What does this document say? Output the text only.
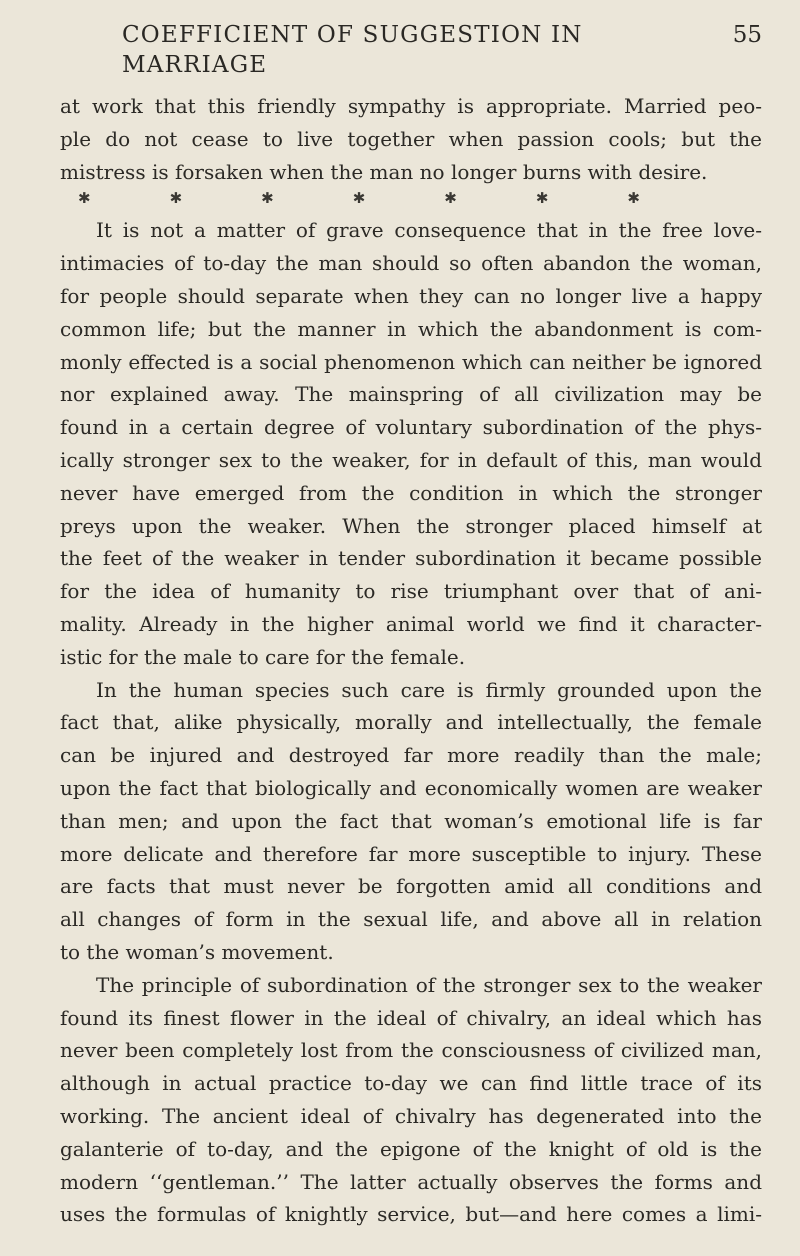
COEFFICIENT OF SUGGESTION IN MARRIAGE
55
at work that this friendly sympathy is appropriate. Married peo-
ple do not cease to live together when passion cools; but the
mistress is forsaken when the man no longer burns with desire.
✱	✱	✱	✱	✱	✱	✱
It is not a matter of grave consequence that in the free love-
intimacies of to-day the man should so often abandon the woman,
for people should separate when they can no longer live a happy
common life; but the manner in which the abandonment is com-
monly effected is a social phenomenon which can neither be ignored
nor explained away. The mainspring of all civilization may be
found in a certain degree of voluntary subordination of the phys-
ically stronger sex to the weaker, for in default of this, man would
never have emerged from the condition in which the stronger
preys upon the weaker. When the stronger placed himself at
the feet of the weaker in tender subordination it became possible
for the idea of humanity to rise triumphant over that of ani-
mality. Already in the higher animal world we find it character-
istic for the male to care for the female.
In the human species such care is firmly grounded upon the
fact that, alike physically, morally and intellectually, the female
can be injured and destroyed far more readily than the male;
upon the fact that biologically and economically women are weaker
than men; and upon the fact that woman’s emotional life is far
more delicate and therefore far more susceptible to injury. These
are facts that must never be forgotten amid all conditions and
all changes of form in the sexual life, and above all in relation
to the woman’s movement.
The principle of subordination of the stronger sex to the weaker
found its finest flower in the ideal of chivalry, an ideal which has
never been completely lost from the consciousness of civilized man,
although in actual practice to-day we can find little trace of its
working. The ancient ideal of chivalry has degenerated into the
galanterie of to-day, and the epigone of the knight of old is the
modern ‘‘gentleman.’’ The latter actually observes the forms and
uses the formulas of knightly service, but—and here comes a limi-
